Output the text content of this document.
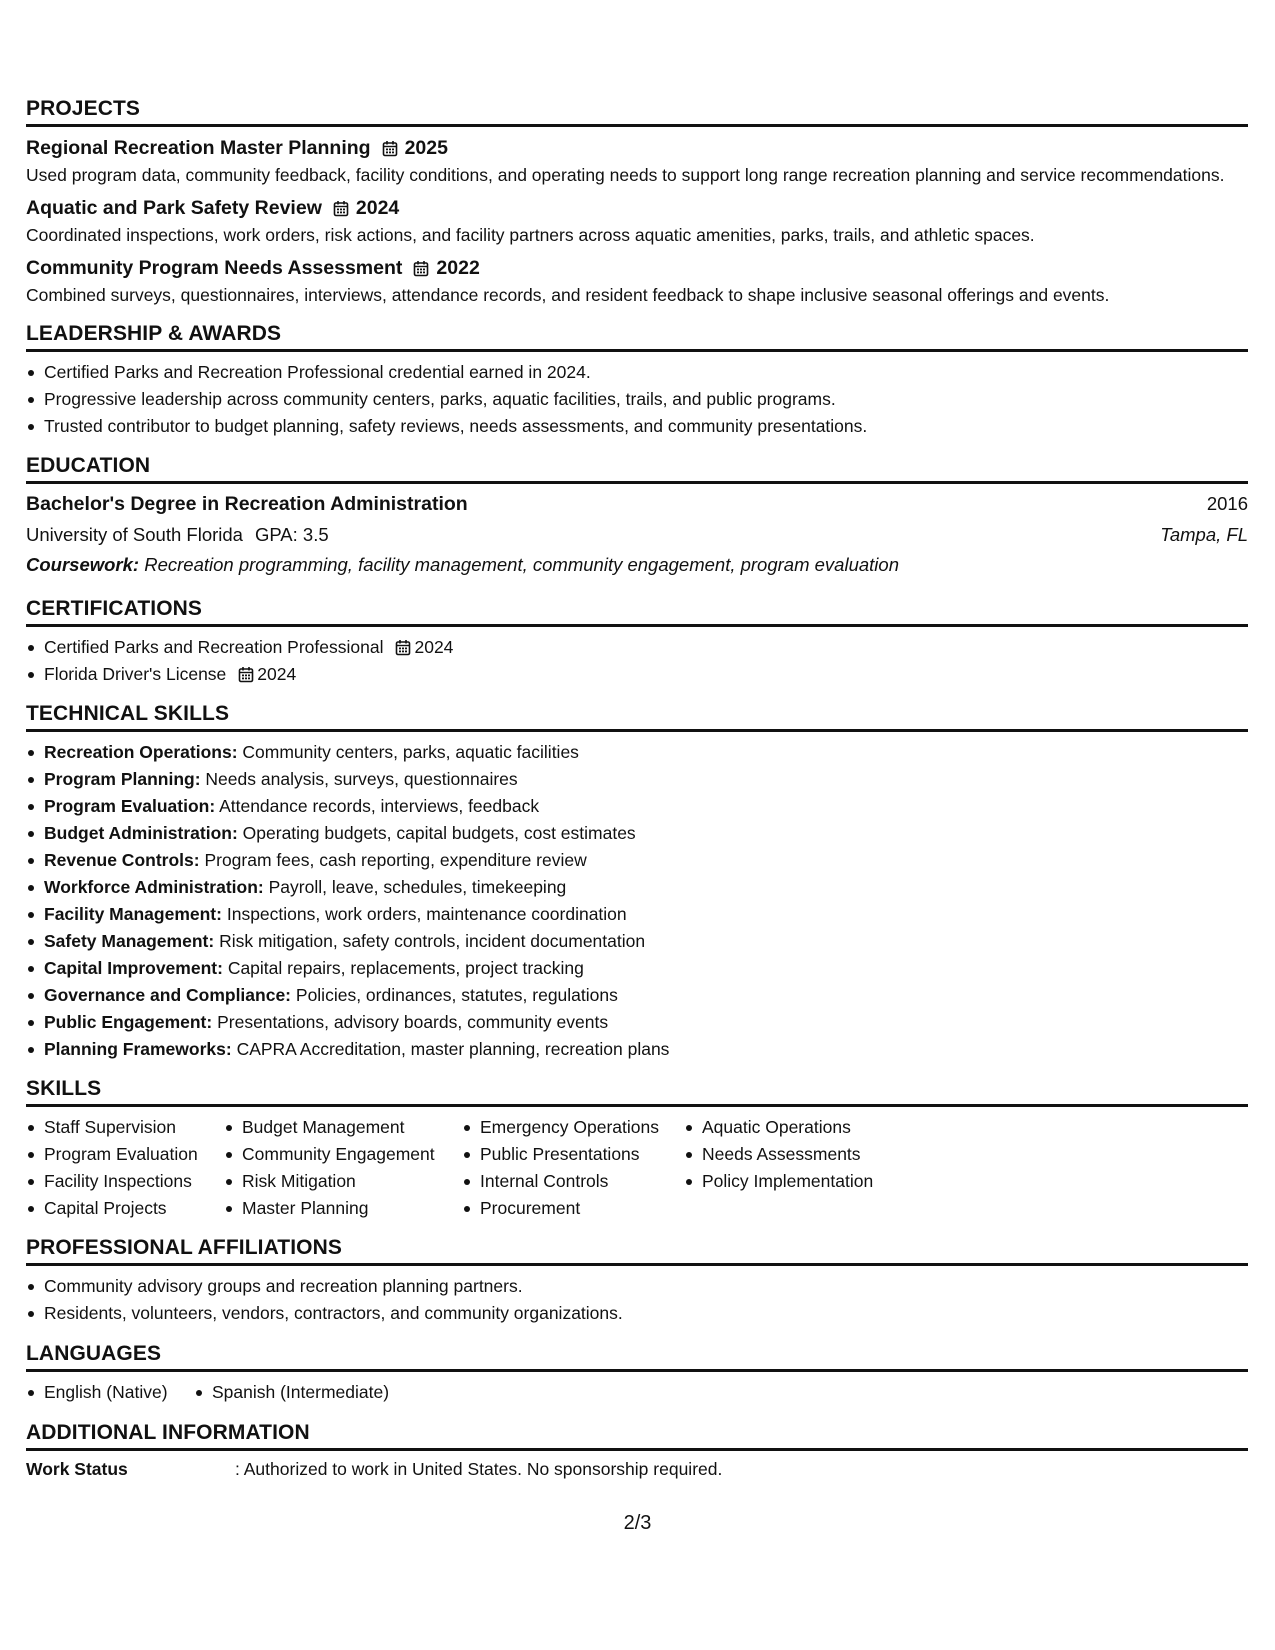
PROJECTS
Regional Recreation Master Planning 2025
Used program data, community feedback, facility conditions, and operating needs to support long range recreation planning and service recommendations.
Aquatic and Park Safety Review 2024
Coordinated inspections, work orders, risk actions, and facility partners across aquatic amenities, parks, trails, and athletic spaces.
Community Program Needs Assessment 2022
Combined surveys, questionnaires, interviews, attendance records, and resident feedback to shape inclusive seasonal offerings and events.
LEADERSHIP & AWARDS
Certified Parks and Recreation Professional credential earned in 2024.
Progressive leadership across community centers, parks, aquatic facilities, trails, and public programs.
Trusted contributor to budget planning, safety reviews, needs assessments, and community presentations.
EDUCATION
Bachelor's Degree in Recreation Administration	2016
University of South Florida GPA: 3.5	Tampa, FL
Coursework: Recreation programming, facility management, community engagement, program evaluation
CERTIFICATIONS
Certified Parks and Recreation Professional 2024
Florida Driver's License 2024
TECHNICAL SKILLS
Recreation Operations: Community centers, parks, aquatic facilities
Program Planning: Needs analysis, surveys, questionnaires
Program Evaluation: Attendance records, interviews, feedback
Budget Administration: Operating budgets, capital budgets, cost estimates
Revenue Controls: Program fees, cash reporting, expenditure review
Workforce Administration: Payroll, leave, schedules, timekeeping
Facility Management: Inspections, work orders, maintenance coordination
Safety Management: Risk mitigation, safety controls, incident documentation
Capital Improvement: Capital repairs, replacements, project tracking
Governance and Compliance: Policies, ordinances, statutes, regulations
Public Engagement: Presentations, advisory boards, community events
Planning Frameworks: CAPRA Accreditation, master planning, recreation plans
SKILLS
Staff Supervision
Program Evaluation
Facility Inspections
Capital Projects
Budget Management
Community Engagement
Risk Mitigation
Master Planning
Emergency Operations
Public Presentations
Internal Controls
Procurement
Aquatic Operations
Needs Assessments
Policy Implementation
PROFESSIONAL AFFILIATIONS
Community advisory groups and recreation planning partners.
Residents, volunteers, vendors, contractors, and community organizations.
LANGUAGES
English (Native)	Spanish (Intermediate)
ADDITIONAL INFORMATION
Work Status	: Authorized to work in United States. No sponsorship required.
2/3
